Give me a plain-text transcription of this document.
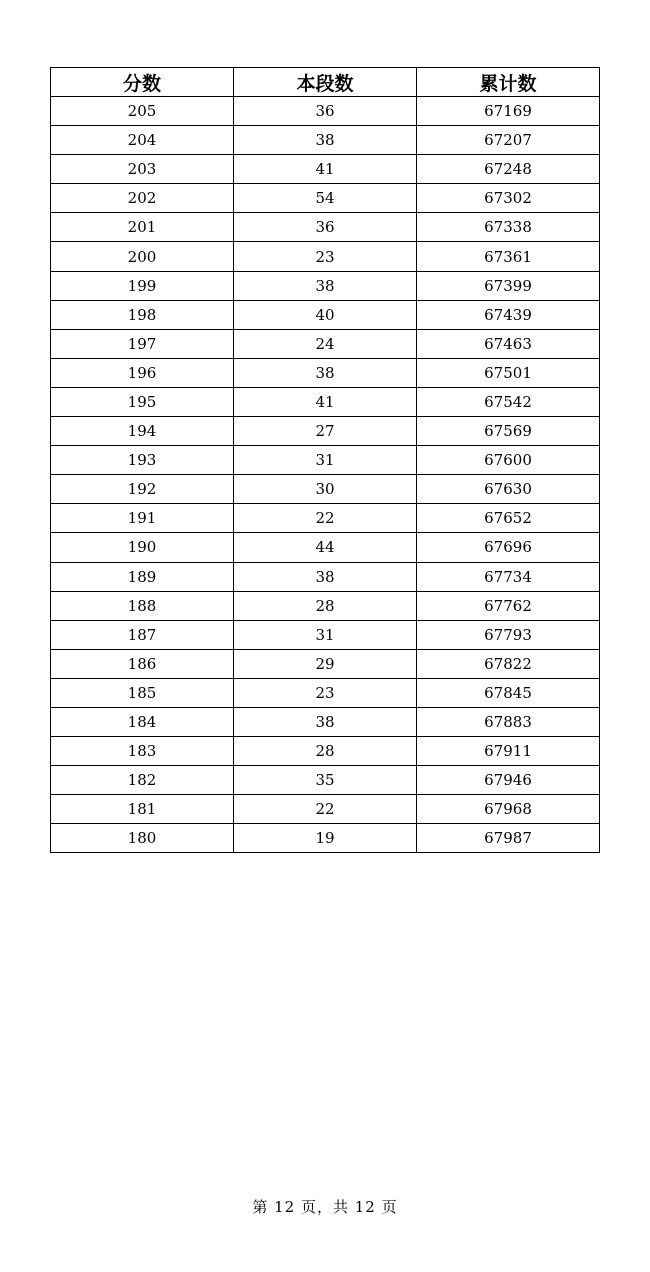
分数	本段数	累计数
205	36	67169
204	38	67207
203	41	67248
202	54	67302
201	36	67338
200	23	67361
199	38	67399
198	40	67439
197	24	67463
196	38	67501
195	41	67542
194	27	67569
193	31	67600
192	30	67630
191	22	67652
190	44	67696
189	38	67734
188	28	67762
187	31	67793
186	29	67822
185	23	67845
184	38	67883
183	28	67911
182	35	67946
181	22	67968
180	19	67987
第 12 页，共 12 页
